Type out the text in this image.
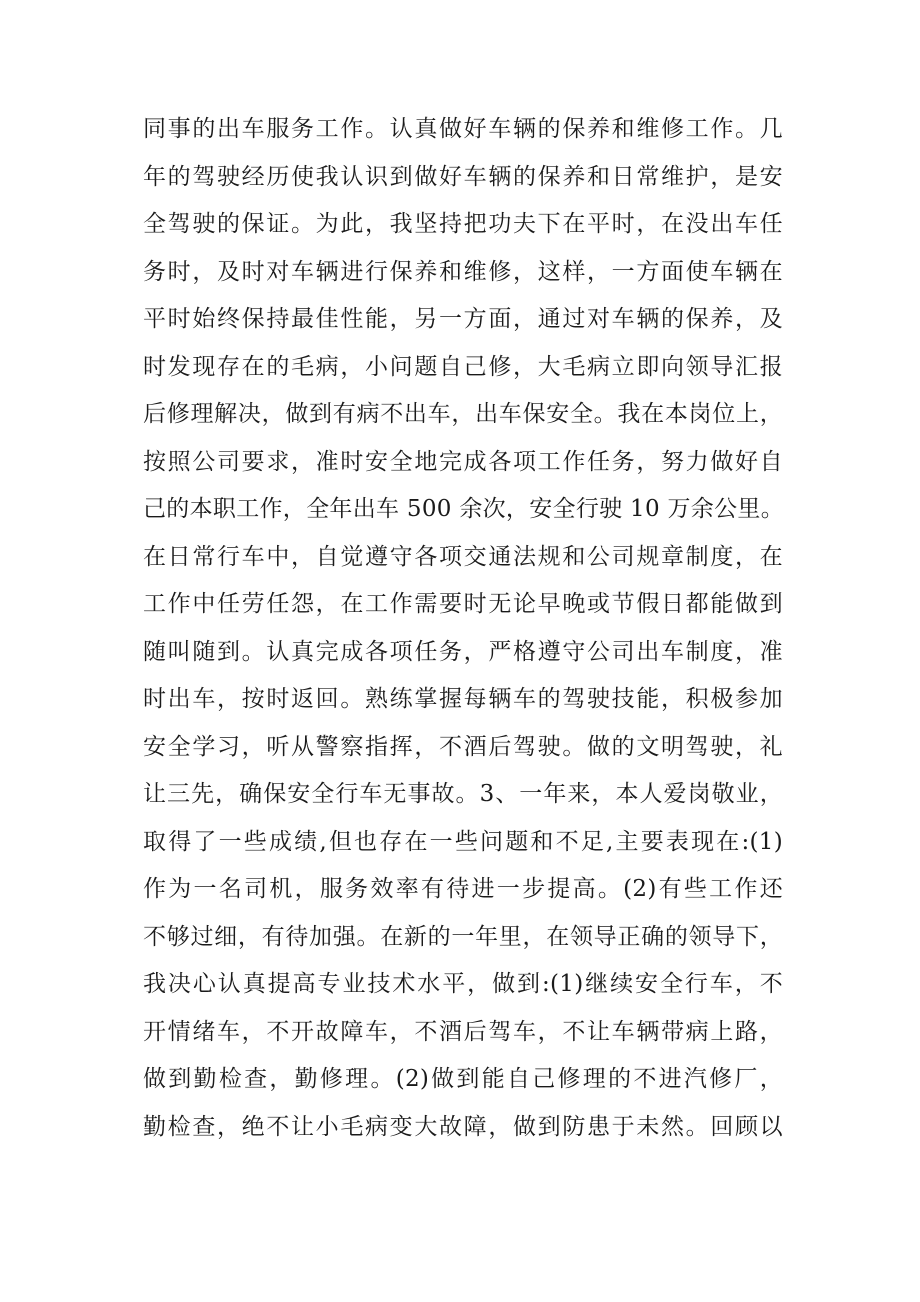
同事的出车服务工作。认真做好车辆的保养和维修工作。几
年的驾驶经历使我认识到做好车辆的保养和日常维护，是安
全驾驶的保证。为此，我坚持把功夫下在平时，在没出车任
务时，及时对车辆进行保养和维修，这样，一方面使车辆在
平时始终保持最佳性能，另一方面，通过对车辆的保养，及
时发现存在的毛病，小问题自己修，大毛病立即向领导汇报
后修理解决，做到有病不出车，出车保安全。我在本岗位上，
按照公司要求，准时安全地完成各项工作任务，努力做好自
己的本职工作，全年出车 500 余次，安全行驶 10 万余公里。
在日常行车中，自觉遵守各项交通法规和公司规章制度，在
工作中任劳任怨，在工作需要时无论早晚或节假日都能做到
随叫随到。认真完成各项任务，严格遵守公司出车制度，准
时出车，按时返回。熟练掌握每辆车的驾驶技能，积极参加
安全学习，听从警察指挥，不酒后驾驶。做的文明驾驶，礼
让三先，确保安全行车无事故。3、一年来，本人爱岗敬业，
取得了一些成绩,但也存在一些问题和不足,主要表现在:(1)
作为一名司机，服务效率有待进一步提高。(2)有些工作还
不够过细，有待加强。在新的一年里，在领导正确的领导下，
我决心认真提高专业技术水平，做到:(1)继续安全行车，不
开情绪车，不开故障车，不酒后驾车，不让车辆带病上路，
做到勤检查，勤修理。(2)做到能自己修理的不进汽修厂，
勤检查，绝不让小毛病变大故障，做到防患于未然。回顾以
